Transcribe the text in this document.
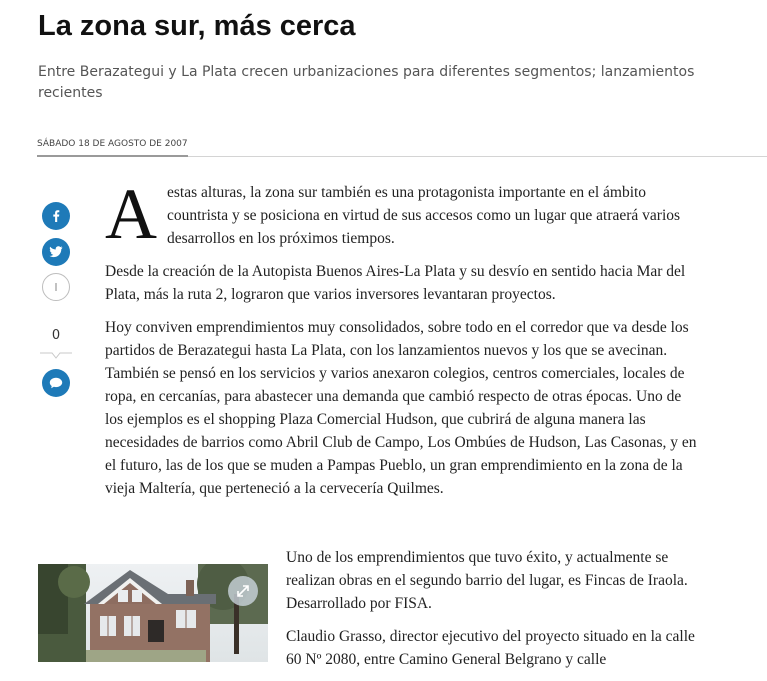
La zona sur, más cerca

Entre Berazategui y La Plata crecen urbanizaciones para diferentes segmentos; lanzamientos recientes

SÁBADO 18 DE AGOSTO DE 2007
0

Aestas alturas, la zona sur también es una protagonista importante en el ámbito countrista y se posiciona en virtud de sus accesos como un lugar que atraerá varios desarrollos en los próximos tiempos.

Desde la creación de la Autopista Buenos Aires-La Plata y su desvío en sentido hacia Mar del Plata, más la ruta 2, lograron que varios inversores levantaran proyectos.

Hoy conviven emprendimientos muy consolidados, sobre todo en el corredor que va desde los partidos de Berazategui hasta La Plata, con los lanzamientos nuevos y los que se avecinan. También se pensó en los servicios y varios anexaron colegios, centros comerciales, locales de ropa, en cercanías, para abastecer una demanda que cambió respecto de otras épocas. Uno de los ejemplos es el shopping Plaza Comercial Hudson, que cubrirá de alguna manera las necesidades de barrios como Abril Club de Campo, Los Ombúes de Hudson, Las Casonas, y en el futuro, las de los que se muden a Pampas Pueblo, un gran emprendimiento en la zona de la vieja Maltería, que perteneció a la cervecería Quilmes.

Uno de los emprendimientos que tuvo éxito, y actualmente se realizan obras en el segundo barrio del lugar, es Fincas de Iraola. Desarrollado por FISA.

Claudio Grasso, director ejecutivo del proyecto situado en la calle 60 Nº 2080, entre Camino General Belgrano y calle
